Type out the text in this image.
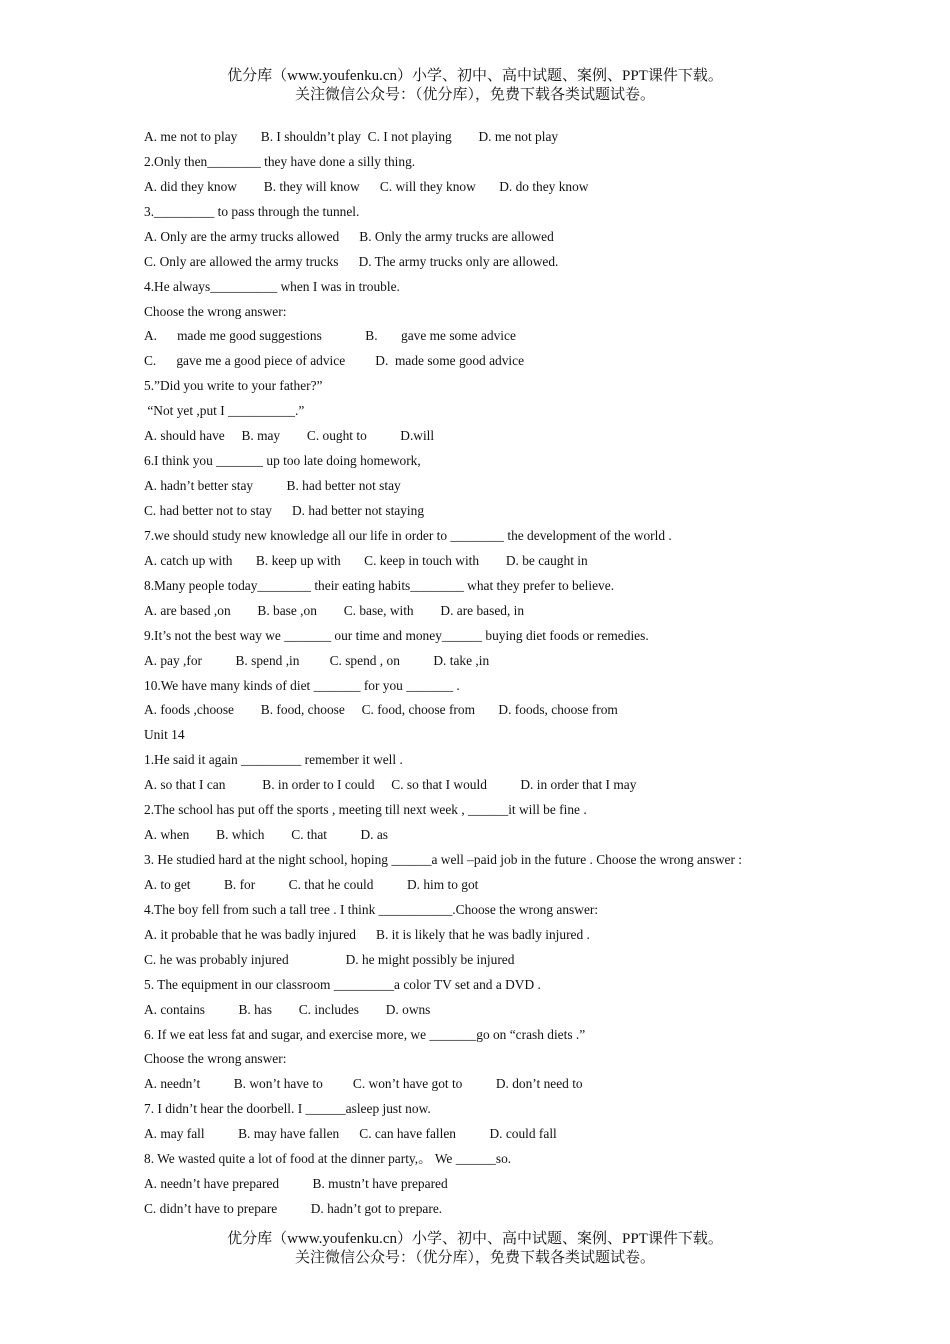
优分库（www.youfenku.cn）小学、初中、高中试题、案例、PPT课件下载。
关注微信公众号：（优分库），免费下载各类试题试卷。
A. me not to play       B. I shouldn’t play  C. I not playing        D. me not play
2.Only then________ they have done a silly thing.
A. did they know        B. they will know      C. will they know       D. do they know
3._________ to pass through the tunnel.
A. Only are the army trucks allowed      B. Only the army trucks are allowed
C. Only are allowed the army trucks      D. The army trucks only are allowed.
4.He always__________ when I was in trouble.
Choose the wrong answer:
A.      made me good suggestions             B.       gave me some advice
C.      gave me a good piece of advice         D.  made some good advice
5.”Did you write to your father?”
“Not yet ,put I __________.”
A. should have     B. may        C. ought to          D.will
6.I think you _______ up too late doing homework,
A. hadn’t better stay          B. had better not stay
C. had better not to stay      D. had better not staying
7.we should study new knowledge all our life in order to ________ the development of the world .
A. catch up with       B. keep up with       C. keep in touch with        D. be caught in
8.Many people today________ their eating habits________ what they prefer to believe.
A. are based ,on        B. base ,on        C. base, with        D. are based, in
9.It’s not the best way we _______ our time and money______ buying diet foods or remedies.
A. pay ,for          B. spend ,in         C. spend , on          D. take ,in
10.We have many kinds of diet _______ for you _______ .
A. foods ,choose        B. food, choose     C. food, choose from       D. foods, choose from
Unit 14
1.He said it again _________ remember it well .
A. so that I can           B. in order to I could     C. so that I would          D. in order that I may
2.The school has put off the sports , meeting till next week , ______it will be fine .
A. when        B. which        C. that          D. as
3. He studied hard at the night school, hoping ______a well –paid job in the future . Choose the wrong answer :
A. to get          B. for          C. that he could          D. him to got
4.The boy fell from such a tall tree . I think ___________.Choose the wrong answer:
A. it probable that he was badly injured      B. it is likely that he was badly injured .
C. he was probably injured                 D. he might possibly be injured
5. The equipment in our classroom _________a color TV set and a DVD .
A. contains          B. has        C. includes        D. owns
6. If we eat less fat and sugar, and exercise more, we _______go on “crash diets .”
Choose the wrong answer:
A. needn’t          B. won’t have to         C. won’t have got to          D. don’t need to
7. I didn’t hear the doorbell. I ______asleep just now.
A. may fall          B. may have fallen      C. can have fallen          D. could fall
8. We wasted quite a lot of food at the dinner party,。 We ______so.
A. needn’t have prepared          B. mustn’t have prepared
C. didn’t have to prepare          D. hadn’t got to prepare.
优分库（www.youfenku.cn）小学、初中、高中试题、案例、PPT课件下载。
关注微信公众号：（优分库），免费下载各类试题试卷。
